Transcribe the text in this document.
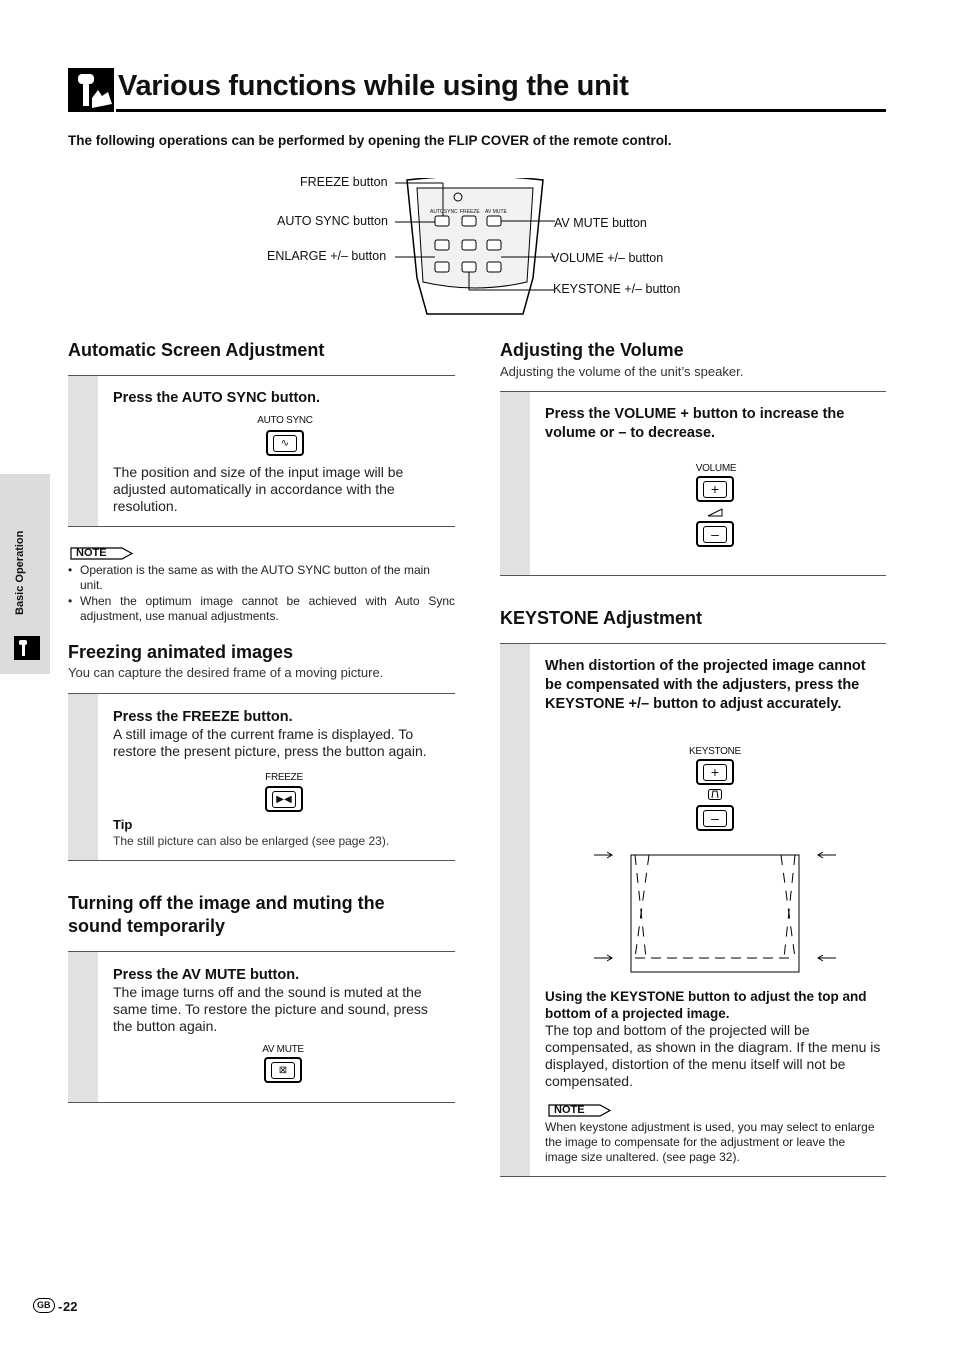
Various functions while using the unit
The following operations can be performed by opening the FLIP COVER of the remote control.
FREEZE button
AUTO SYNC button
ENLARGE +/– button
AV MUTE button
VOLUME +/– button
KEYSTONE +/– button
AUTOSYNC FREEZE AV MUTE
Basic Operation
Automatic Screen Adjustment
Press the AUTO SYNC button.
AUTO SYNC
∿
The position and size of the input image will be adjusted automatically in accordance with the resolution.
NOTE
• Operation is the same as with the AUTO SYNC button of the main unit.
• When the optimum image cannot be achieved with Auto Sync adjustment, use manual adjustments.
Freezing animated images
You can capture the desired frame of a moving picture.
Press the FREEZE button.
A still image of the current frame is displayed. To restore the present picture, press the button again.
FREEZE
▶◀
Tip
The still picture can also be enlarged (see page 23).
Turning off the image and muting the
sound temporarily
Press the AV MUTE button.
The image turns off and the sound is muted at the same time. To restore the picture and sound, press the button again.
AV MUTE
⊠
Adjusting the Volume
Adjusting the volume of the unit’s speaker.
Press the VOLUME + button to increase the volume or – to decrease.
VOLUME
+
–
KEYSTONE Adjustment
When distortion of the projected image cannot be compensated with the adjusters, press the KEYSTONE +/– button to adjust accurately.
KEYSTONE
+
–
Using the KEYSTONE button to adjust the top and bottom of a projected image.
The top and bottom of the projected will be compensated, as shown in the diagram. If the menu is displayed, distortion of the menu itself will not be compensated.
NOTE
When keystone adjustment is used, you may select to enlarge the image to compensate for the adjustment or leave the image size unaltered. (see page 32).
GB - 22
